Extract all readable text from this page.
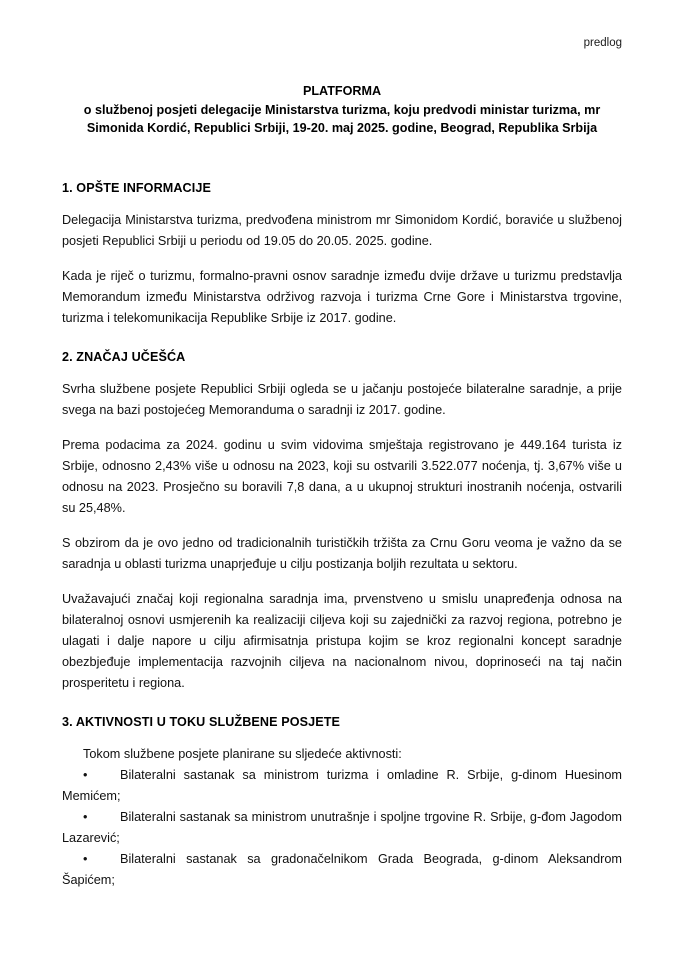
predlog
PLATFORMA
o službenoj posjeti delegacije Ministarstva turizma, koju predvodi ministar turizma, mr Simonida Kordić, Republici Srbiji, 19-20. maj 2025. godine, Beograd, Republika Srbija
1. OPŠTE INFORMACIJE

Delegacija Ministarstva turizma, predvođena ministrom mr Simonidom Kordić, boraviće u službenoj posjeti Republici Srbiji u periodu od 19.05 do 20.05. 2025. godine.

Kada je riječ o turizmu, formalno-pravni osnov saradnje između dvije države u turizmu predstavlja Memorandum između Ministarstva održivog razvoja i turizma Crne Gore i Ministarstva trgovine, turizma i telekomunikacija Republike Srbije iz 2017. godine.

2. ZNAČAJ UČEŠĆA

Svrha službene posjete Republici Srbiji ogleda se u jačanju postojeće bilateralne saradnje, a prije svega na bazi postojećeg Memoranduma o saradnji iz 2017. godine.

Prema podacima za 2024. godinu u svim vidovima smještaja registrovano je 449.164 turista iz Srbije, odnosno 2,43% više u odnosu na 2023, koji su ostvarili 3.522.077 noćenja, tj. 3,67% više u odnosu na 2023. Prosječno su boravili 7,8 dana, a u ukupnoj strukturi inostranih noćenja, ostvarili su 25,48%.

S obzirom da je ovo jedno od tradicionalnih turističkih tržišta za Crnu Goru veoma je važno da se saradnja u oblasti turizma unaprjeđuje u cilju postizanja boljih rezultata u sektoru.

Uvažavajući značaj koji regionalna saradnja ima, prvenstveno u smislu unapređenja odnosa na bilateralnoj osnovi usmjerenih ka realizaciji ciljeva koji su zajednički za razvoj regiona, potrebno je ulagati i dalje napore u cilju afirmisatnja pristupa kojim se kroz regionalni koncept saradnje obezbjeđuje implementacija razvojnih ciljeva na nacionalnom nivou, doprinoseći na taj način prosperitetu i regiona.

3. AKTIVNOSTI U TOKU SLUŽBENE POSJETE

Tokom službene posjete planirane su sljedeće aktivnosti:

•	Bilateralni sastanak sa ministrom turizma i omladine R. Srbije, g-dinom Huesinom Memićem;
•	Bilateralni sastanak sa ministrom unutrašnje i spoljne trgovine R. Srbije, g-đom Jagodom Lazarević;
•	Bilateralni sastanak sa gradonačelnikom Grada Beograda, g-dinom Aleksandrom Šapićem;
